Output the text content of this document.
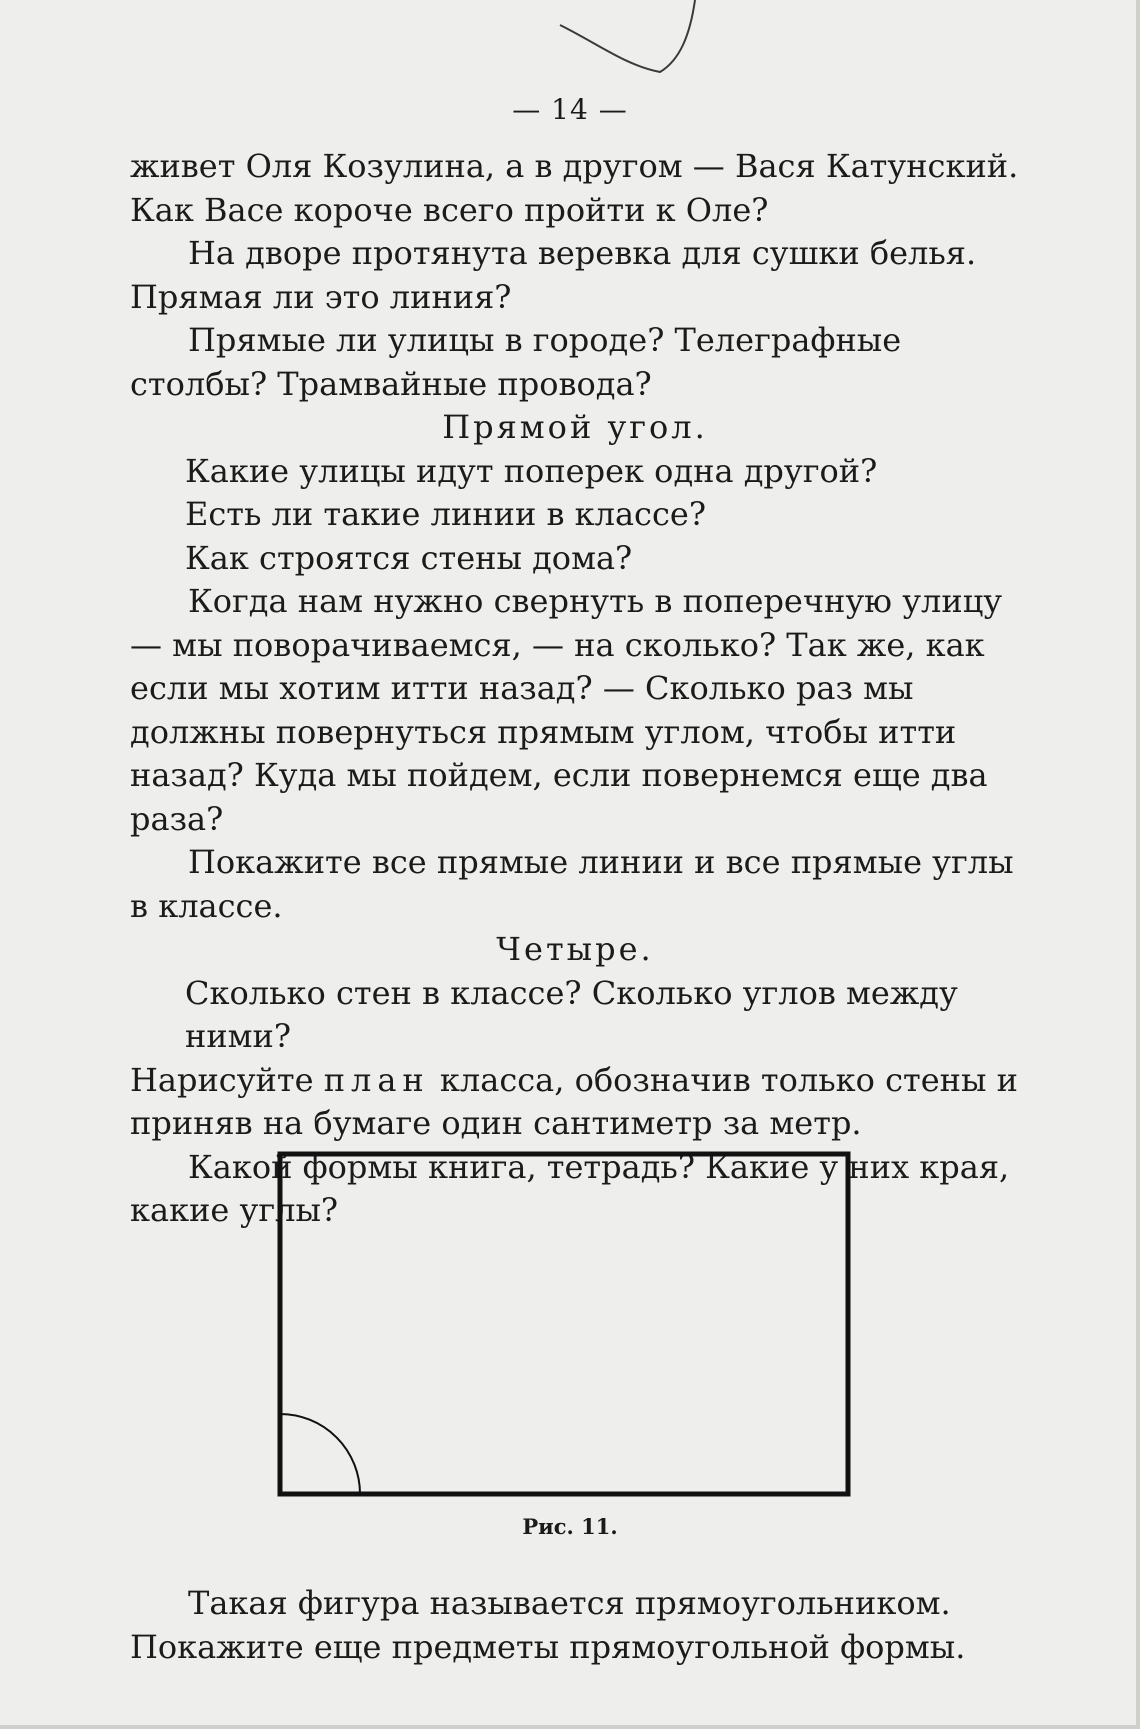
— 14 —

живет Оля Козулина, а в другом — Вася Катунский. Как Васе короче всего пройти к Оле?

На дворе протянута веревка для сушки белья. Прямая ли это линия?

Прямые ли улицы в городе? Телеграфные столбы? Трамвайные провода?

Прямой угол.

Какие улицы идут поперек одна другой?

Есть ли такие линии в классе?

Как строятся стены дома?

Когда нам нужно свернуть в поперечную улицу — мы поворачиваемся, — на сколько? Так же, как если мы хотим итти назад? — Сколько раз мы должны повернуться прямым углом, чтобы итти назад? Куда мы пойдем, если повернемся еще два раза?

Покажите все прямые линии и все прямые углы в классе.

Четыре.

Сколько стен в классе? Сколько углов между ними?

Нарисуйте план класса, обозначив только стены и приняв на бумаге один сантиметр за метр.

Какой формы книга, тетрадь? Какие у них края, какие углы?

Рис. 11.

Такая фигура называется прямоугольником. Покажите еще предметы прямоугольной формы.
